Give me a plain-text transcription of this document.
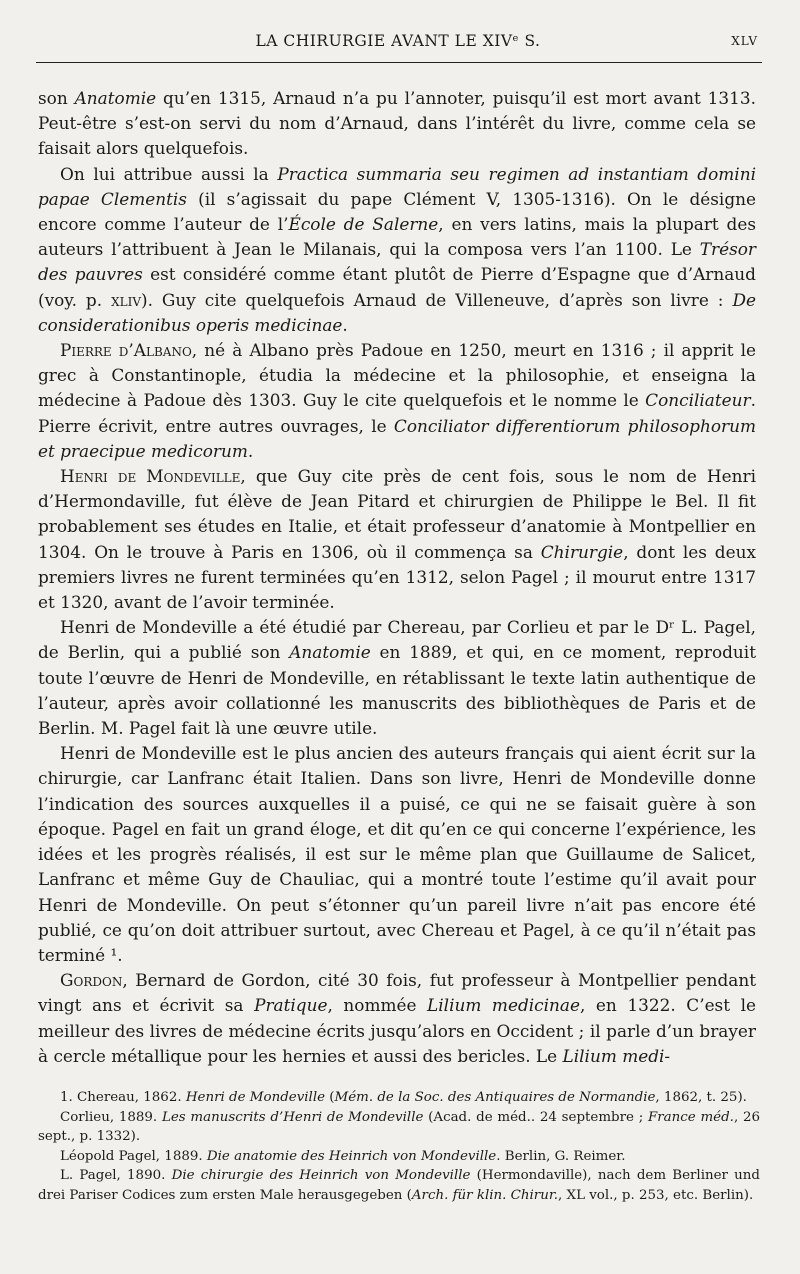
LA CHIRURGIE AVANT LE XIVᵉ S.	XLV

son Anatomie qu’en 1315, Arnaud n’a pu l’annoter, puisqu’il est mort avant 1313. Peut-être s’est-on servi du nom d’Arnaud, dans l’intérêt du livre, comme cela se faisait alors quelquefois.

On lui attribue aussi la Practica summaria seu regimen ad instantiam domini papae Clementis (il s’agissait du pape Clément V, 1305-1316). On le désigne encore comme l’auteur de l’École de Salerne, en vers latins, mais la plupart des auteurs l’attribuent à Jean le Milanais, qui la composa vers l’an 1100. Le Trésor des pauvres est considéré comme étant plutôt de Pierre d’Espagne que d’Arnaud (voy. p. xliv). Guy cite quelquefois Arnaud de Villeneuve, d’après son livre : De considerationibus operis medicinae.

Pierre d’Albano, né à Albano près Padoue en 1250, meurt en 1316 ; il apprit le grec à Constantinople, étudia la médecine et la philosophie, et enseigna la médecine à Padoue dès 1303. Guy le cite quelquefois et le nomme le Conciliateur. Pierre écrivit, entre autres ouvrages, le Conciliator differentiorum philosophorum et praecipue medicorum.

Henri de Mondeville, que Guy cite près de cent fois, sous le nom de Henri d’Hermondaville, fut élève de Jean Pitard et chirurgien de Philippe le Bel. Il fit probablement ses études en Italie, et était professeur d’anatomie à Montpellier en 1304. On le trouve à Paris en 1306, où il commença sa Chirurgie, dont les deux premiers livres ne furent terminées qu’en 1312, selon Pagel ; il mourut entre 1317 et 1320, avant de l’avoir terminée.

Henri de Mondeville a été étudié par Chereau, par Corlieu et par le Dʳ L. Pagel, de Berlin, qui a publié son Anatomie en 1889, et qui, en ce moment, reproduit toute l’œuvre de Henri de Mondeville, en rétablissant le texte latin authentique de l’auteur, après avoir collationné les manuscrits des bibliothèques de Paris et de Berlin. M. Pagel fait là une œuvre utile.

Henri de Mondeville est le plus ancien des auteurs français qui aient écrit sur la chirurgie, car Lanfranc était Italien. Dans son livre, Henri de Mondeville donne l’indication des sources auxquelles il a puisé, ce qui ne se faisait guère à son époque. Pagel en fait un grand éloge, et dit qu’en ce qui concerne l’expérience, les idées et les progrès réalisés, il est sur le même plan que Guillaume de Salicet, Lanfranc et même Guy de Chauliac, qui a montré toute l’estime qu’il avait pour Henri de Mondeville. On peut s’étonner qu’un pareil livre n’ait pas encore été publié, ce qu’on doit attribuer surtout, avec Chereau et Pagel, à ce qu’il n’était pas terminé ¹.

Gordon, Bernard de Gordon, cité 30 fois, fut professeur à Montpellier pendant vingt ans et écrivit sa Pratique, nommée Lilium medicinae, en 1322. C’est le meilleur des livres de médecine écrits jusqu’alors en Occident ; il parle d’un brayer à cercle métallique pour les hernies et aussi des bericles. Le Lilium medi-

1. Chereau, 1862. Henri de Mondeville (Mém. de la Soc. des Antiquaires de Normandie, 1862, t. 25).

Corlieu, 1889. Les manuscrits d’Henri de Mondeville (Acad. de méd.. 24 septembre ; France méd., 26 sept., p. 1332).

Léopold Pagel, 1889. Die anatomie des Heinrich von Mondeville. Berlin, G. Reimer.

L. Pagel, 1890. Die chirurgie des Heinrich von Mondeville (Hermondaville), nach dem Berliner und drei Pariser Codices zum ersten Male herausgegeben (Arch. für klin. Chirur., XL vol., p. 253, etc. Berlin).
